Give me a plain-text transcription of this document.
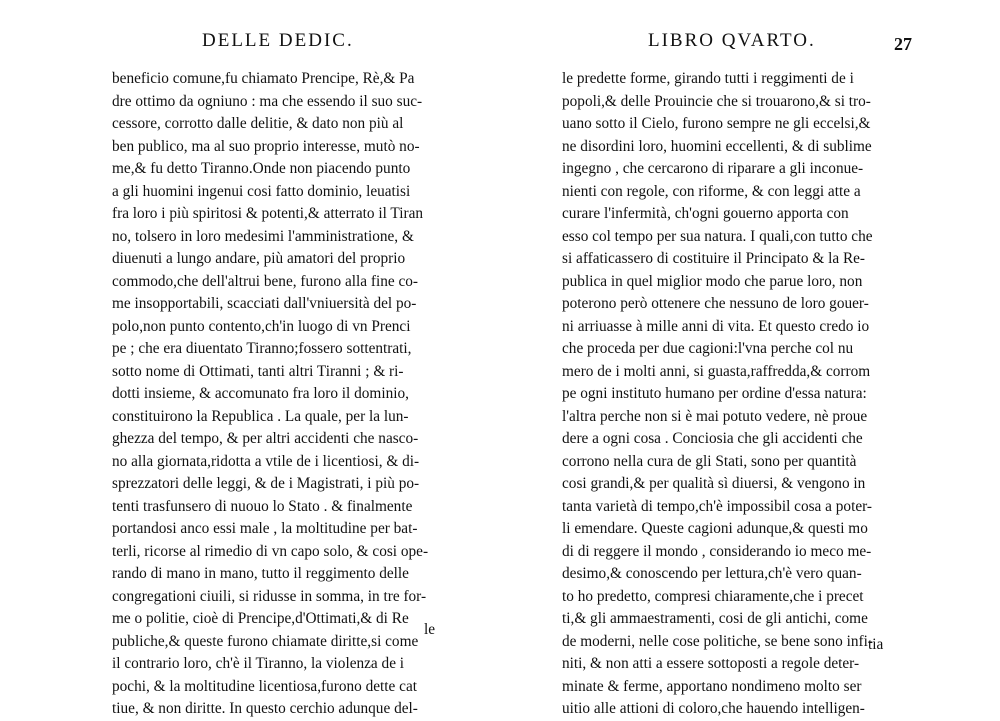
DELLE DEDIC.
beneficio comune,fu chiamato Prencipe, Rè,& Pa
dre ottimo da ogniuno : ma che essendo il suo suc-
cessore, corrotto dalle delitie, & dato non più al
ben publico, ma al suo proprio interesse, mutò no-
me,& fu detto Tiranno.Onde non piacendo punto
a gli huomini ingenui cosi fatto dominio, leuatisi
fra loro i più spiritosi & potenti,& atterrato il Tiran
no, tolsero in loro medesimi l'amministratione, &
diuenuti a lungo andare, più amatori del proprio
commodo,che dell'altrui bene, furono alla fine co-
me insopportabili, scacciati dall'vniuersità del po-
polo,non punto contento,ch'in luogo di vn Prenci
pe ; che era diuentato Tiranno;fossero sottentrati,
sotto nome di Ottimati, tanti altri Tiranni ; & ri-
dotti insieme, & accomunato fra loro il dominio,
constituirono la Republica . La quale, per la lun-
ghezza del tempo, & per altri accidenti che nasco-
no alla giornata,ridotta a vtile de i licentiosi, & di-
sprezzatori delle leggi, & de i Magistrati, i più po-
tenti trasfunsero di nuouo lo Stato . & finalmente
portandosi anco essi male , la moltitudine per bat-
terli, ricorse al rimedio di vn capo solo, & cosi ope-
rando di mano in mano, tutto il reggimento delle
congregationi ciuili, si ridusse in somma, in tre for-
me o politie, cioè di Prencipe,d'Ottimati,& di Re
publiche,& queste furono chiamate diritte,si come
il contrario loro, ch'è il Tiranno, la violenza de i
pochi, & la moltitudine licentiosa,furono dette cat
tiue, & non diritte. In questo cerchio adunque del-
le
LIBRO QVARTO.	27
le predette forme, girando tutti i reggimenti de i
popoli,& delle Prouincie che si trouarono,& si tro-
uano sotto il Cielo, furono sempre ne gli eccelsi,&
ne disordini loro, huomini eccellenti, & di sublime
ingegno , che cercarono di riparare a gli inconue-
nienti con regole, con riforme, & con leggi atte a
curare l'infermità, ch'ogni gouerno apporta con
esso col tempo per sua natura. I quali,con tutto che
si affaticassero di costituire il Principato & la Re-
publica in quel miglior modo che parue loro, non
poterono però ottenere che nessuno de loro gouer-
ni arriuasse à mille anni di vita. Et questo credo io
che proceda per due cagioni:l'vna perche col nu
mero de i molti anni, si guasta,raffredda,& corrom
pe ogni instituto humano per ordine d'essa natura:
l'altra perche non si è mai potuto vedere, nè proue
dere a ogni cosa . Conciosia che gli accidenti che
corrono nella cura de gli Stati, sono per quantità
cosi grandi,& per qualità sì diuersi, & vengono in
tanta varietà di tempo,ch'è impossibil cosa a poter-
li emendare. Queste cagioni adunque,& questi mo
di di reggere il mondo , considerando io meco me-
desimo,& conoscendo per lettura,ch'è vero quan-
to ho predetto, compresi chiaramente,che i precet
ti,& gli ammaestramenti, cosi de gli antichi, come
de moderni, nelle cose politiche, se bene sono infi-
niti, & non atti a essere sottoposti a regole deter-
minate & ferme, apportano nondimeno molto ser
uitio alle attioni di coloro,che hauendo intelligen-
tia
